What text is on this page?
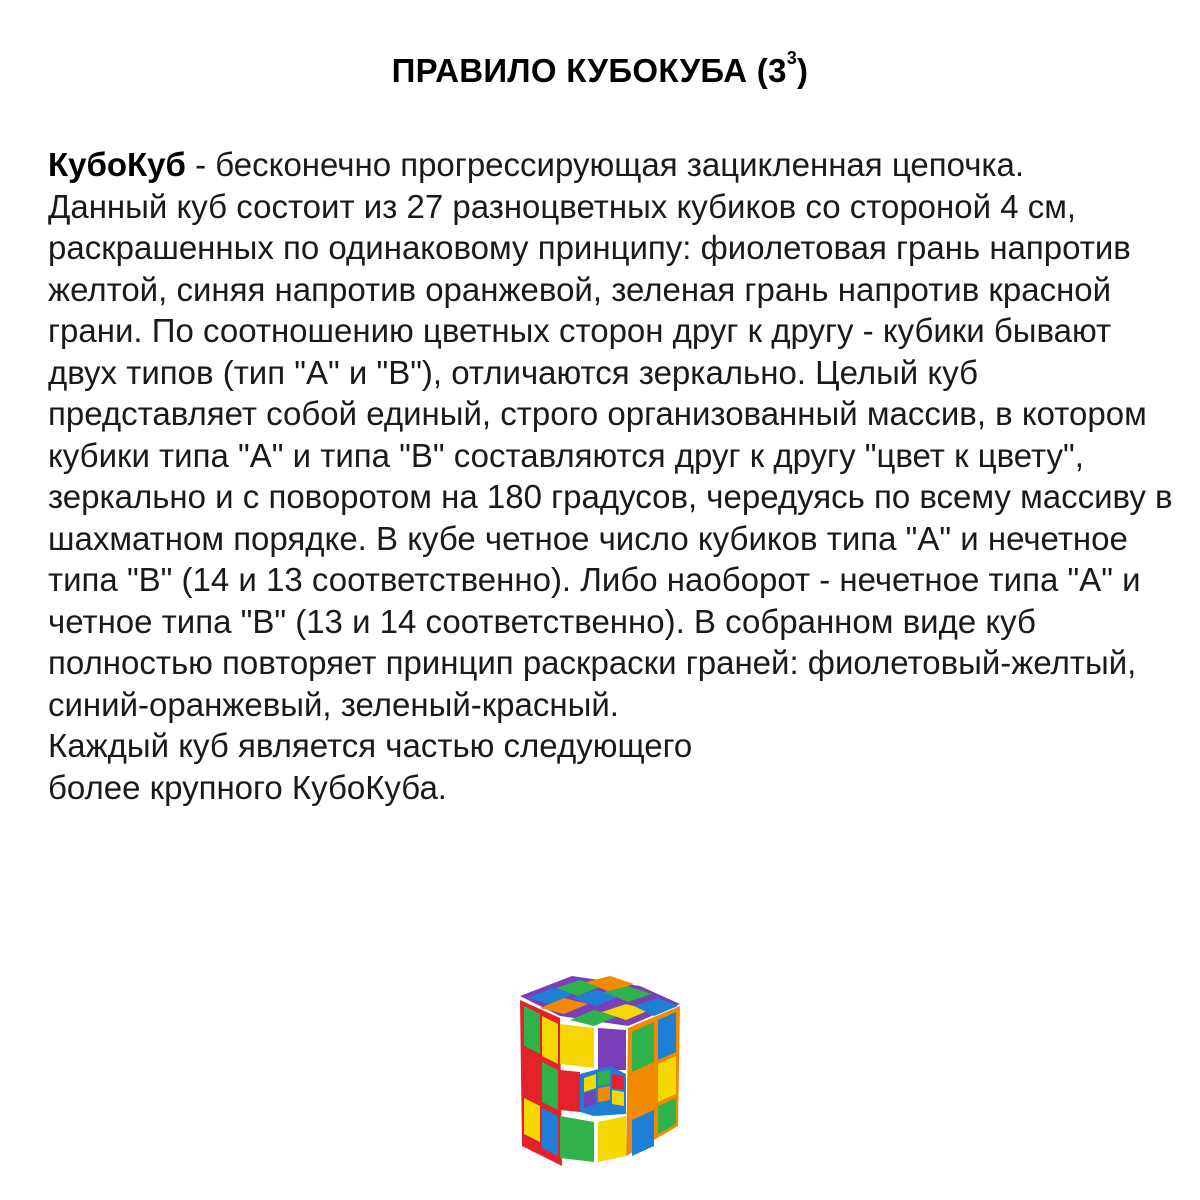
ПРАВИЛО КУБОКУБА $(3^3)$

КубоКуб - бесконечно прогрессирующая зацикленная цепочка.

Данный куб состоит из 27 разноцветных кубиков со стороной 4 см, раскрашенных по одинаковому принципу: фиолетовая грань напротив желтой, синяя напротив оранжевой, зеленая грань напротив красной грани. По соотношению цветных сторон друг к другу - кубики бывают двух типов (тип "А" и "В"), отличаются зеркально. Целый куб представляет собой единый, строго организованный массив, в котором кубики типа "А" и типа "В" составляются друг к другу "цвет к цвету", зеркально и с поворотом на 180 градусов, чередуясь по всему массиву в шахматном порядке. В кубе четное число кубиков типа "А" и нечетное типа "В" (14 и 13 соответственно). Либо наоборот - нечетное типа "А" и четное типа "В" (13 и 14 соответственно). В собранном виде куб полностью повторяет принцип раскраски граней: фиолетовый-желтый, синий-оранжевый, зеленый-красный.

Каждый куб является частью следующего

более крупного КубоКуба.
